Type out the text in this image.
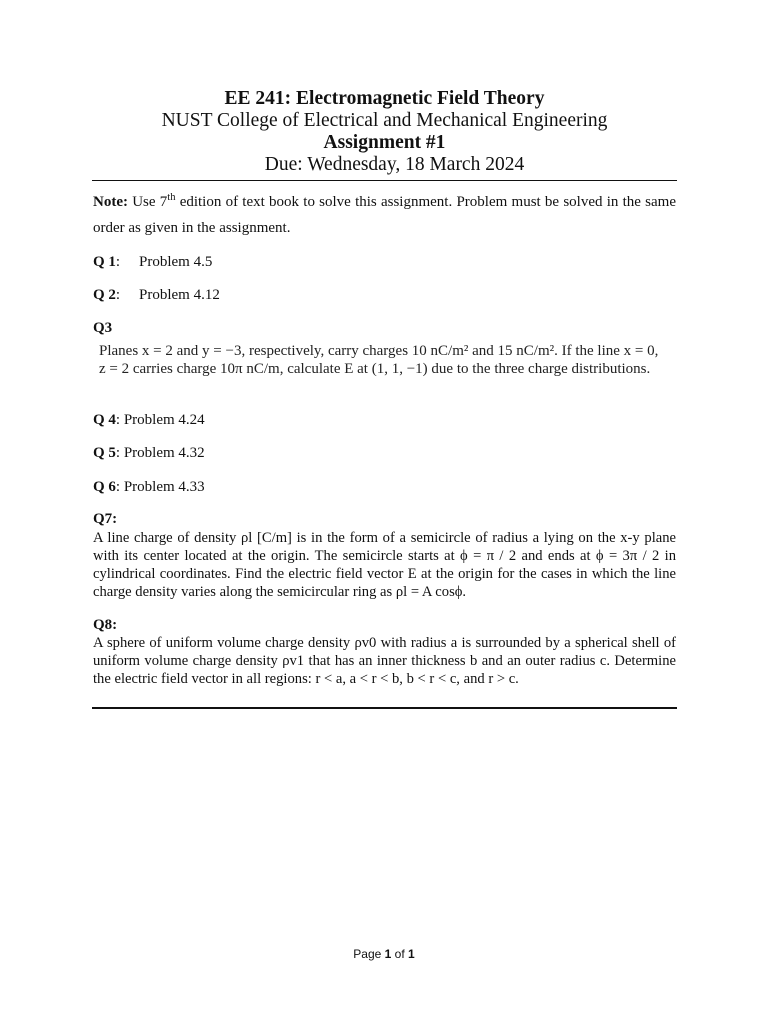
EE 241: Electromagnetic Field Theory
NUST College of Electrical and Mechanical Engineering
Assignment #1
Due: Wednesday, 18 March 2024
Note: Use 7th edition of text book to solve this assignment. Problem must be solved in the same order as given in the assignment.
Q 1: Problem 4.5
Q 2: Problem 4.12
Q3
Planes x = 2 and y = −3, respectively, carry charges 10 nC/m² and 15 nC/m². If the line x = 0, z = 2 carries charge 10π nC/m, calculate E at (1, 1, −1) due to the three charge distributions.
Q 4: Problem 4.24
Q 5: Problem 4.32
Q 6: Problem 4.33
Q7:
A line charge of density ρl [C/m] is in the form of a semicircle of radius a lying on the x-y plane with its center located at the origin. The semicircle starts at ϕ = π / 2 and ends at ϕ = 3π / 2 in cylindrical coordinates. Find the electric field vector E at the origin for the cases in which the line charge density varies along the semicircular ring as ρl = A cosϕ.
Q8:
A sphere of uniform volume charge density ρv0 with radius a is surrounded by a spherical shell of uniform volume charge density ρv1 that has an inner thickness b and an outer radius c. Determine the electric field vector in all regions: r < a, a < r < b, b < r < c, and r > c.
Page 1 of 1
